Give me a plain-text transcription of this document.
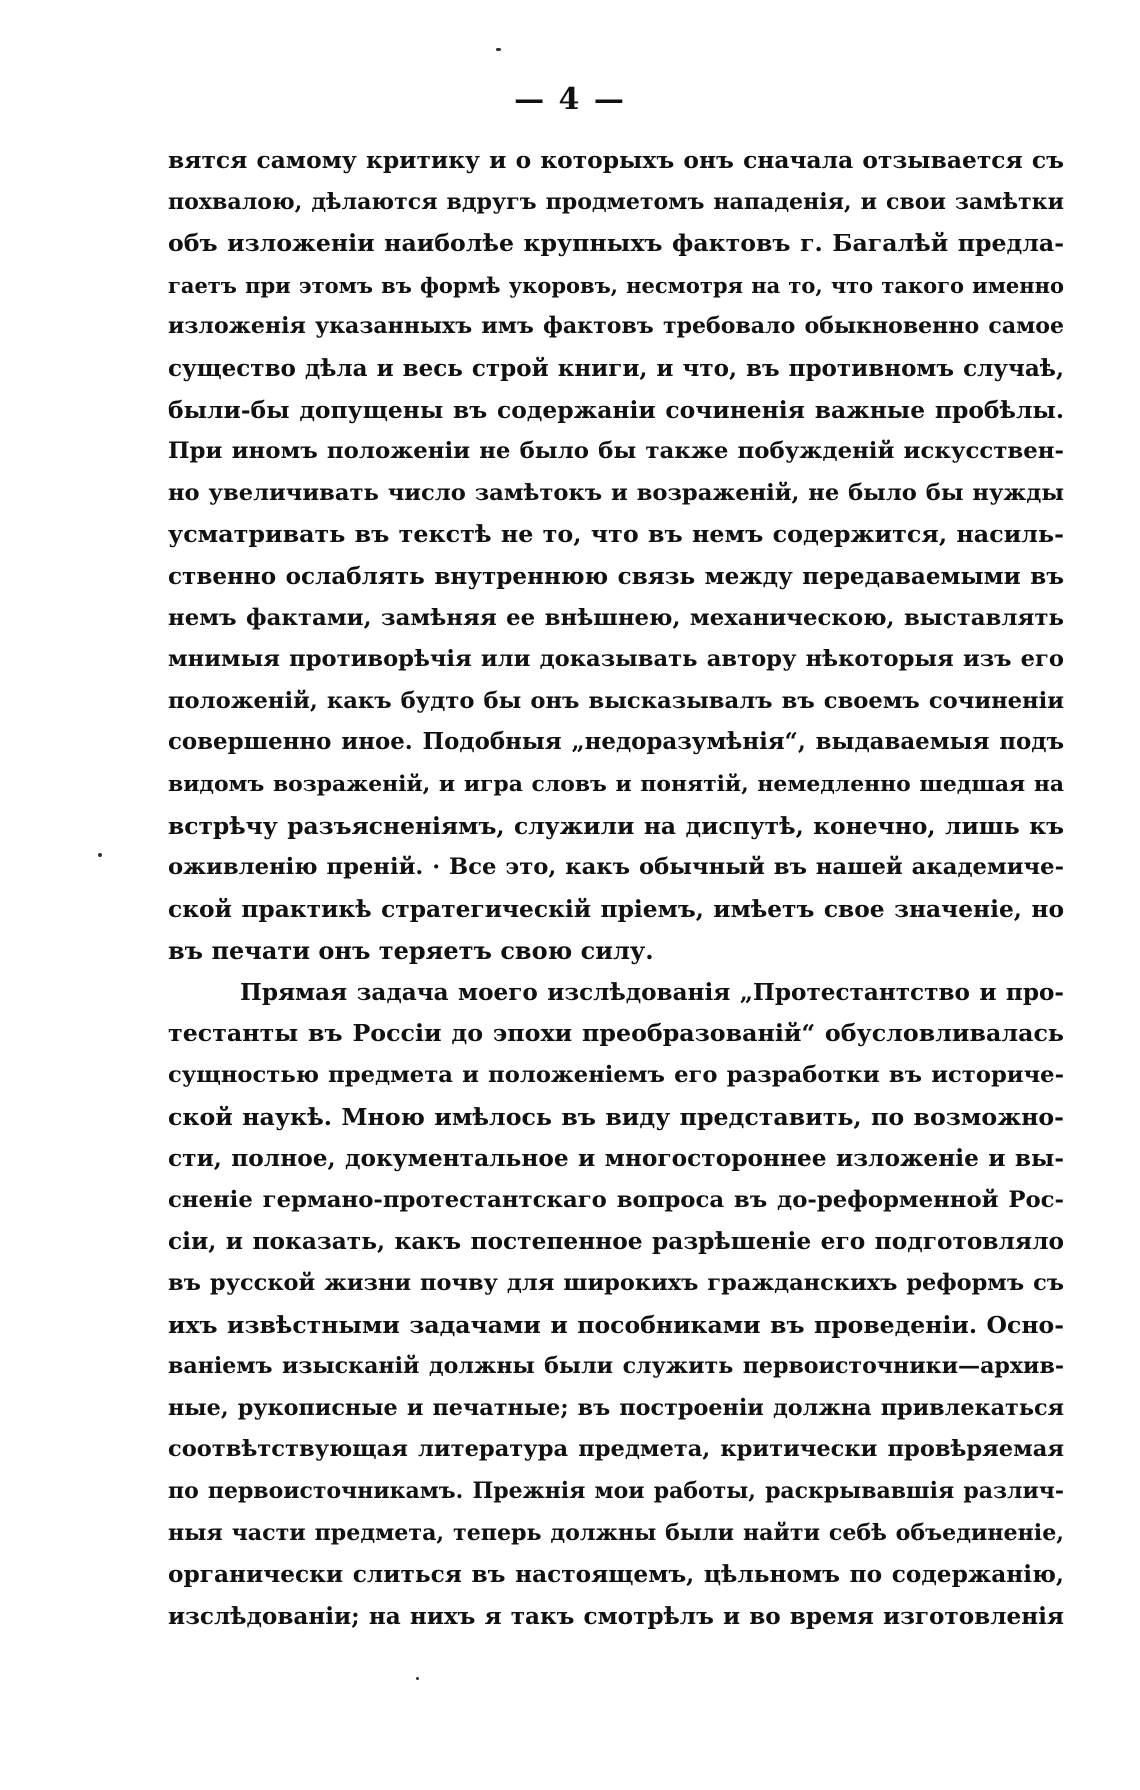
— 4 —
вятся самому критику и о которыхъ онъ сначала отзывается съ
похвалою, дѣлаются вдругъ продметомъ нападенія, и свои замѣтки
объ изложеніи наиболѣе крупныхъ фактовъ г. Багалѣй предла-
гаетъ при этомъ въ формѣ укоровъ, несмотря на то, что такого именно
изложенія указанныхъ имъ фактовъ требовало обыкновенно самое
существо дѣла и весь строй книги, и что, въ противномъ случаѣ,
были-бы допущены въ содержаніи сочиненія важные пробѣлы.
При иномъ положеніи не было бы также побужденій искусствен-
но увеличивать число замѣтокъ и возраженій, не было бы нужды
усматривать въ текстѣ не то, что въ немъ содержится, насиль-
ственно ослаблять внутреннюю связь между передаваемыми въ
немъ фактами, замѣняя ее внѣшнею, механическою, выставлять
мнимыя противорѣчія или доказывать автору нѣкоторыя изъ его
положеній, какъ будто бы онъ высказывалъ въ своемъ сочиненіи
совершенно иное. Подобныя „недоразумѣнія“, выдаваемыя подъ
видомъ возраженій, и игра словъ и понятій, немедленно шедшая на
встрѣчу разъясненіямъ, служили на диспутѣ, конечно, лишь къ
оживленію преній. · Все это, какъ обычный въ нашей академиче-
ской практикѣ стратегическій пріемъ, имѣетъ свое значеніе, но
въ печати онъ теряетъ свою силу.
Прямая задача моего изслѣдованія „Протестантство и про-
тестанты въ Россіи до эпохи преобразованій“ обусловливалась
сущностью предмета и положеніемъ его разработки въ историче-
ской наукѣ. Мною имѣлось въ виду представить, по возможно-
сти, полное, документальное и многостороннее изложеніе и вы-
сненіе германо-протестантскаго вопроса въ до-реформенной Рос-
сіи, и показать, какъ постепенное разрѣшеніе его подготовляло
въ русской жизни почву для широкихъ гражданскихъ реформъ съ
ихъ извѣстными задачами и пособниками въ проведеніи. Осно-
ваніемъ изысканій должны были служить первоисточники—архив-
ные, рукописные и печатные; въ построеніи должна привлекаться
соотвѣтствующая литература предмета, критически провѣряемая
по первоисточникамъ. Прежнія мои работы, раскрывавшія различ-
ныя части предмета, теперь должны были найти себѣ объединеніе,
органически слиться въ настоящемъ, цѣльномъ по содержанію,
изслѣдованіи; на нихъ я такъ смотрѣлъ и во время изготовленія
